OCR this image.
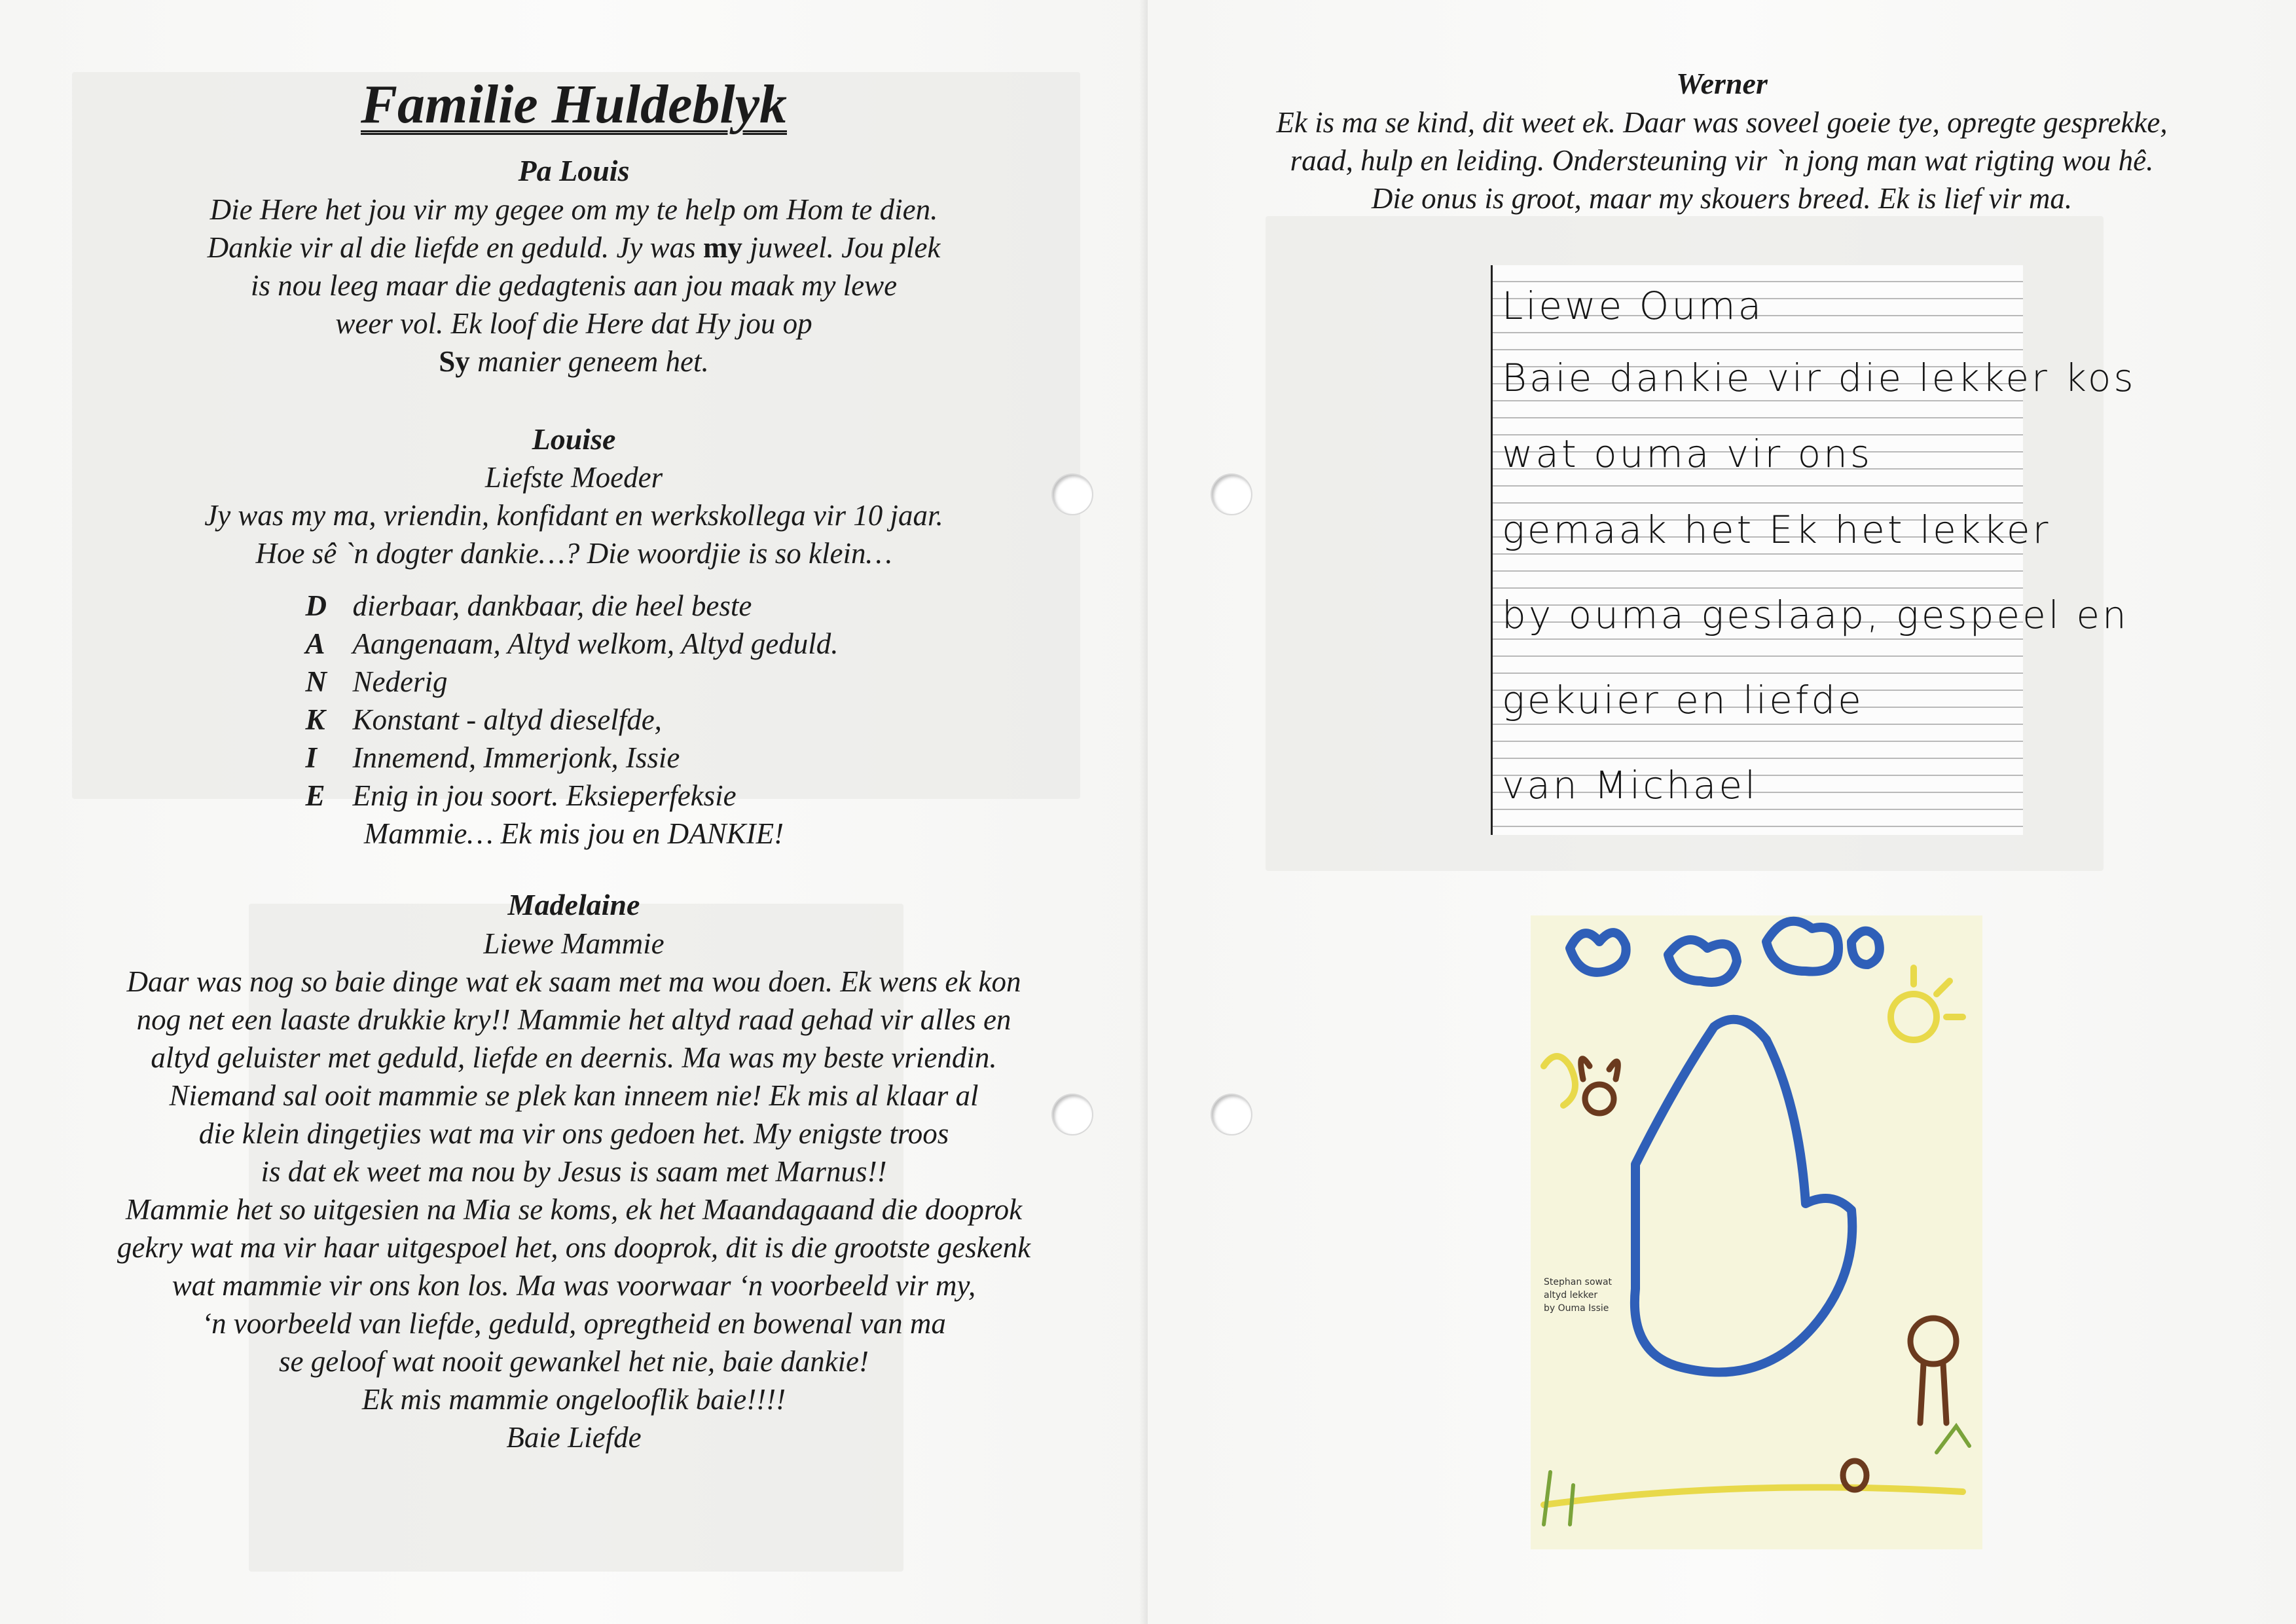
Familie Huldeblyk

Pa Louis

Die Here het jou vir my gegee om my te help om Hom te dien.

Dankie vir al die liefde en geduld. Jy was my juweel. Jou plek

is nou leeg maar die gedagtenis aan jou maak my lewe

weer vol. Ek loof die Here dat Hy jou op

Sy manier geneem het.

Louise

Liefste Moeder

Jy was my ma, vriendin, konfidant en werkskollega vir 10 jaar.

Hoe sê `n dogter dankie…? Die woordjie is so klein…

D dierbaar, dankbaar, die heel beste
A Aangenaam, Altyd welkom, Altyd geduld.
N Nederig
K Konstant - altyd dieselfde,
I	Innemend, Immerjonk, Issie
E Enig in jou soort. Eksieperfeksie

Mammie… Ek mis jou en DANKIE!

Madelaine

Liewe Mammie

Daar was nog so baie dinge wat ek saam met ma wou doen. Ek wens ek kon

nog net een laaste drukkie kry!! Mammie het altyd raad gehad vir alles en

altyd geluister met geduld, liefde en deernis. Ma was my beste vriendin.

Niemand sal ooit mammie se plek kan inneem nie! Ek mis al klaar al

die klein dingetjies wat ma vir ons gedoen het. My enigste troos

is dat ek weet ma nou by Jesus is saam met Marnus!!

Mammie het so uitgesien na Mia se koms, ek het Maandagaand die dooprok

gekry wat ma vir haar uitgespoel het, ons dooprok, dit is die grootste geskenk

wat mammie vir ons kon los. Ma was voorwaar ‘n voorbeeld vir my,

‘n voorbeeld van liefde, geduld, opregtheid en bowenal van ma

se geloof wat nooit gewankel het nie, baie dankie!

Ek mis mammie ongelooflik baie!!!!

Baie Liefde

Werner

Ek is ma se kind, dit weet ek. Daar was soveel goeie tye, opregte gesprekke,

raad, hulp en leiding. Ondersteuning vir `n jong man wat rigting wou hê.

Die onus is groot, maar my skouers breed. Ek is lief vir ma.

Liewe Ouma
Baie dankie vir die lekker kos
wat ouma vir ons
gemaak het Ek het lekker
by ouma geslaap, gespeel en
gekuier en liefde
van Michael
Stephan sowat
altyd lekker
by Ouma Issie
